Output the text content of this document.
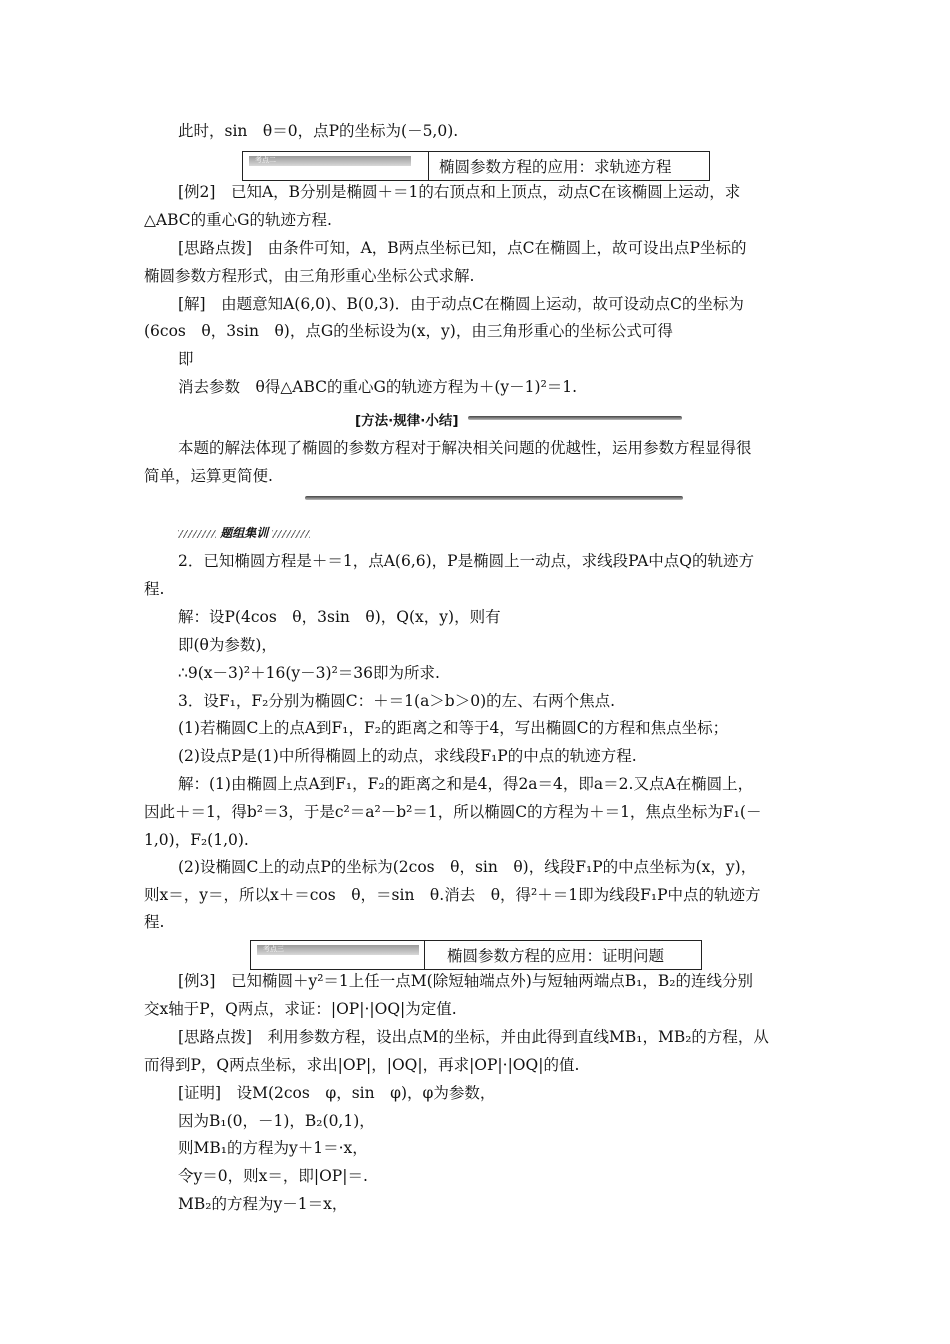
此时，sin　θ＝0，点P的坐标为(－5,0).
考点二	椭圆参数方程的应用：求轨迹方程
[例2]　已知A，B分别是椭圆＋＝1的右顶点和上顶点，动点C在该椭圆上运动，求
△ABC的重心G的轨迹方程.
[思路点拨]　由条件可知，A，B两点坐标已知，点C在椭圆上，故可设出点P坐标的
椭圆参数方程形式，由三角形重心坐标公式求解.
[解]　由题意知A(6,0)、B(0,3)．由于动点C在椭圆上运动，故可设动点C的坐标为
(6cos　θ，3sin　θ)，点G的坐标设为(x，y)，由三角形重心的坐标公式可得
即
消去参数　θ得△ABC的重心G的轨迹方程为＋(y－1)²＝1.
[方法·规律·小结]
本题的解法体现了椭圆的参数方程对于解决相关问题的优越性，运用参数方程显得很
简单，运算更简便.
题组集训
2．已知椭圆方程是＋＝1，点A(6,6)，P是椭圆上一动点，求线段PA中点Q的轨迹方
程.
解：设P(4cos　θ，3sin　θ)，Q(x，y)，则有
即(θ为参数)，
∴9(x－3)²＋16(y－3)²＝36即为所求.
3．设F₁，F₂分别为椭圆C：＋＝1(a＞b＞0)的左、右两个焦点.
(1)若椭圆C上的点A到F₁，F₂的距离之和等于4，写出椭圆C的方程和焦点坐标；
(2)设点P是(1)中所得椭圆上的动点，求线段F₁P的中点的轨迹方程.
解：(1)由椭圆上点A到F₁，F₂的距离之和是4，得2a＝4，即a＝2.又点A在椭圆上，
因此＋＝1，得b²＝3，于是c²＝a²－b²＝1，所以椭圆C的方程为＋＝1，焦点坐标为F₁(－
1,0)，F₂(1,0).
(2)设椭圆C上的动点P的坐标为(2cos　θ，sin　θ)，线段F₁P的中点坐标为(x，y)，
则x＝，y＝，所以x＋＝cos　θ，＝sin　θ.消去　θ，得²＋＝1即为线段F₁P中点的轨迹方
程.
考点三	椭圆参数方程的应用：证明问题
[例3]　已知椭圆＋y²＝1上任一点M(除短轴端点外)与短轴两端点B₁，B₂的连线分别
交x轴于P，Q两点，求证：|OP|·|OQ|为定值.
[思路点拨]　利用参数方程，设出点M的坐标，并由此得到直线MB₁，MB₂的方程，从
而得到P，Q两点坐标，求出|OP|，|OQ|，再求|OP|·|OQ|的值.
[证明]　设M(2cos　φ，sin　φ)，φ为参数，
因为B₁(0，－1)，B₂(0,1)，
则MB₁的方程为y＋1＝·x，
令y＝0，则x＝，即|OP|＝.
MB₂的方程为y－1＝x，
